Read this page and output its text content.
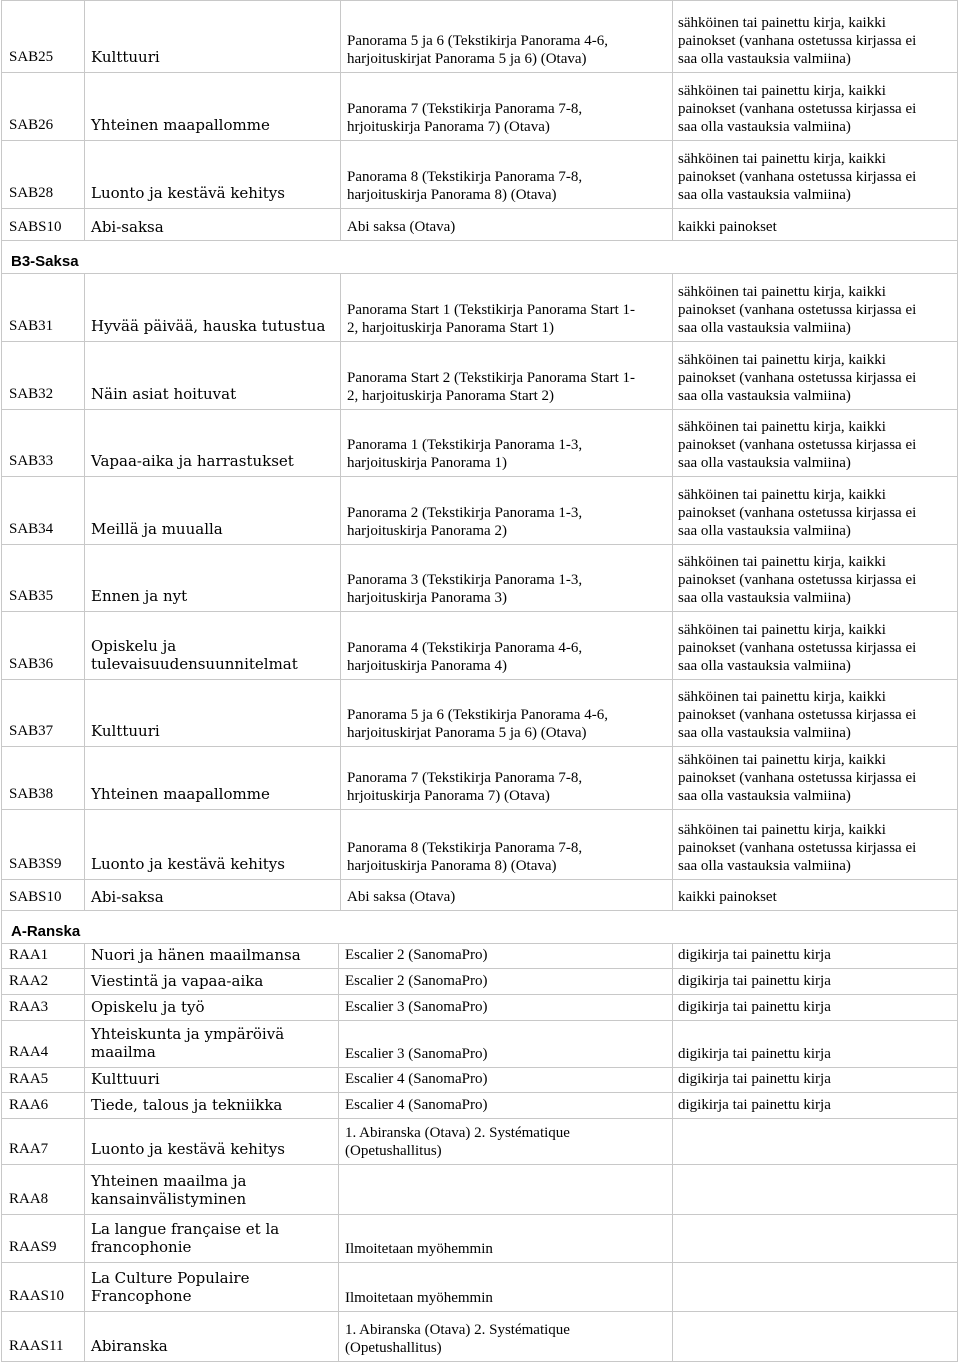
SAB25	Kulttuuri	Panorama 5 ja 6 (Tekstikirja Panorama 4-6,
harjoituskirjat Panorama 5 ja 6) (Otava)	sähköinen tai painettu kirja, kaikki
painokset (vanhana ostetussa kirjassa ei
saa olla vastauksia valmiina)

SAB26	Yhteinen maapallomme	Panorama 7 (Tekstikirja Panorama 7-8,
hrjoituskirja Panorama 7) (Otava)	sähköinen tai painettu kirja, kaikki
painokset (vanhana ostetussa kirjassa ei
saa olla vastauksia valmiina)

SAB28	Luonto ja kestävä kehitys	Panorama 8 (Tekstikirja Panorama 7-8,
harjoituskirja Panorama 8) (Otava)	sähköinen tai painettu kirja, kaikki
painokset (vanhana ostetussa kirjassa ei
saa olla vastauksia valmiina)

SABS10	Abi-saksa	Abi saksa (Otava)	kaikki painokset
B3-Saksa			
SAB31	Hyvää päivää, hauska tutustua	Panorama Start 1 (Tekstikirja Panorama Start 1-
2, harjoituskirja Panorama Start 1)	sähköinen tai painettu kirja, kaikki
painokset (vanhana ostetussa kirjassa ei
saa olla vastauksia valmiina)

SAB32	Näin asiat hoituvat	Panorama Start 2 (Tekstikirja Panorama Start 1-
2, harjoituskirja Panorama Start 2)	sähköinen tai painettu kirja, kaikki
painokset (vanhana ostetussa kirjassa ei
saa olla vastauksia valmiina)

SAB33	Vapaa-aika ja harrastukset	Panorama 1 (Tekstikirja Panorama 1-3,
harjoituskirja Panorama 1)	sähköinen tai painettu kirja, kaikki
painokset (vanhana ostetussa kirjassa ei
saa olla vastauksia valmiina)

SAB34	Meillä ja muualla	Panorama 2 (Tekstikirja Panorama 1-3,
harjoituskirja Panorama 2)	sähköinen tai painettu kirja, kaikki
painokset (vanhana ostetussa kirjassa ei
saa olla vastauksia valmiina)

SAB35	Ennen ja nyt	Panorama 3 (Tekstikirja Panorama 1-3,
harjoituskirja Panorama 3)	sähköinen tai painettu kirja, kaikki
painokset (vanhana ostetussa kirjassa ei
saa olla vastauksia valmiina)

SAB36	Opiskelu ja
tulevaisuudensuunnitelmat	Panorama 4 (Tekstikirja Panorama 4-6,
harjoituskirja Panorama 4)	sähköinen tai painettu kirja, kaikki
painokset (vanhana ostetussa kirjassa ei
saa olla vastauksia valmiina)

SAB37	Kulttuuri	Panorama 5 ja 6 (Tekstikirja Panorama 4-6,
harjoituskirjat Panorama 5 ja 6) (Otava)	sähköinen tai painettu kirja, kaikki
painokset (vanhana ostetussa kirjassa ei
saa olla vastauksia valmiina)

SAB38	Yhteinen maapallomme	Panorama 7 (Tekstikirja Panorama 7-8,
hrjoituskirja Panorama 7) (Otava)	sähköinen tai painettu kirja, kaikki
painokset (vanhana ostetussa kirjassa ei
saa olla vastauksia valmiina)

SAB3S9	Luonto ja kestävä kehitys	Panorama 8 (Tekstikirja Panorama 7-8,
harjoituskirja Panorama 8) (Otava)	sähköinen tai painettu kirja, kaikki
painokset (vanhana ostetussa kirjassa ei
saa olla vastauksia valmiina)

SABS10	Abi-saksa	Abi saksa (Otava)	kaikki painokset
A-Ranska			
RAA1	Nuori ja hänen maailmansa	Escalier 2 (SanomaPro)	digikirja tai painettu kirja

RAA2	Viestintä ja vapaa-aika	Escalier 2 (SanomaPro)	digikirja tai painettu kirja

RAA3	Opiskelu ja työ	Escalier 3 (SanomaPro)	digikirja tai painettu kirja

RAA4	Yhteiskunta ja ympäröivä
maailma	Escalier 3 (SanomaPro)	digikirja tai painettu kirja

RAA5	Kulttuuri	Escalier 4 (SanomaPro)	digikirja tai painettu kirja

RAA6	Tiede, talous ja tekniikka	Escalier 4 (SanomaPro)	digikirja tai painettu kirja

RAA7	Luonto ja kestävä kehitys	1. Abiranska (Otava) 2. Systématique
(Opetushallitus)	

RAA8	Yhteinen maailma ja
kansainvälistyminen		

RAAS9	La langue française et la
francophonie	Ilmoitetaan myöhemmin	

RAAS10	La Culture Populaire
Francophone	Ilmoitetaan myöhemmin	

RAAS11	Abiranska	1. Abiranska (Otava) 2. Systématique
(Opetushallitus)	
